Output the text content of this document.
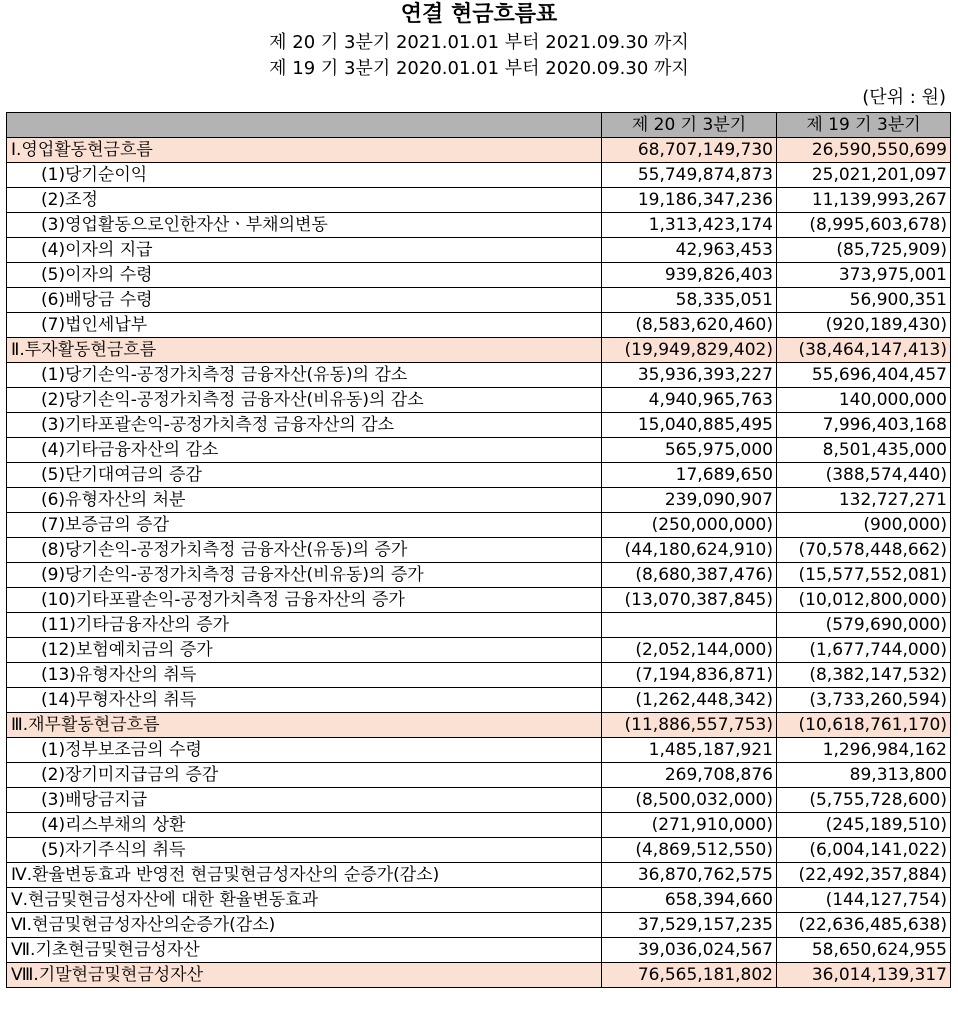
연결 현금흐름표
제 20 기 3분기 2021.01.01 부터 2021.09.30 까지
제 19 기 3분기 2020.01.01 부터 2020.09.30 까지
(단위 : 원)
	제 20 기 3분기	제 19 기 3분기
Ⅰ.영업활동현금흐름	68,707,149,730	26,590,550,699
(1)당기순이익	55,749,874,873	25,021,201,097
(2)조정	19,186,347,236	11,139,993,267
(3)영업활동으로인한자산ㆍ부채의변동	1,313,423,174	(8,995,603,678)
(4)이자의 지급	42,963,453	(85,725,909)
(5)이자의 수령	939,826,403	373,975,001
(6)배당금 수령	58,335,051	56,900,351
(7)법인세납부	(8,583,620,460)	(920,189,430)
Ⅱ.투자활동현금흐름	(19,949,829,402)	(38,464,147,413)
(1)당기손익-공정가치측정 금융자산(유동)의 감소	35,936,393,227	55,696,404,457
(2)당기손익-공정가치측정 금융자산(비유동)의 감소	4,940,965,763	140,000,000
(3)기타포괄손익-공정가치측정 금융자산의 감소	15,040,885,495	7,996,403,168
(4)기타금융자산의 감소	565,975,000	8,501,435,000
(5)단기대여금의 증감	17,689,650	(388,574,440)
(6)유형자산의 처분	239,090,907	132,727,271
(7)보증금의 증감	(250,000,000)	(900,000)
(8)당기손익-공정가치측정 금융자산(유동)의 증가	(44,180,624,910)	(70,578,448,662)
(9)당기손익-공정가치측정 금융자산(비유동)의 증가	(8,680,387,476)	(15,577,552,081)
(10)기타포괄손익-공정가치측정 금융자산의 증가	(13,070,387,845)	(10,012,800,000)
(11)기타금융자산의 증가		(579,690,000)
(12)보험예치금의 증가	(2,052,144,000)	(1,677,744,000)
(13)유형자산의 취득	(7,194,836,871)	(8,382,147,532)
(14)무형자산의 취득	(1,262,448,342)	(3,733,260,594)
Ⅲ.재무활동현금흐름	(11,886,557,753)	(10,618,761,170)
(1)정부보조금의 수령	1,485,187,921	1,296,984,162
(2)장기미지급금의 증감	269,708,876	89,313,800
(3)배당금지급	(8,500,032,000)	(5,755,728,600)
(4)리스부채의 상환	(271,910,000)	(245,189,510)
(5)자기주식의 취득	(4,869,512,550)	(6,004,141,022)
Ⅳ.환율변동효과 반영전 현금및현금성자산의 순증가(감소)	36,870,762,575	(22,492,357,884)
Ⅴ.현금및현금성자산에 대한 환율변동효과	658,394,660	(144,127,754)
Ⅵ.현금및현금성자산의순증가(감소)	37,529,157,235	(22,636,485,638)
Ⅶ.기초현금및현금성자산	39,036,024,567	58,650,624,955
Ⅷ.기말현금및현금성자산	76,565,181,802	36,014,139,317
